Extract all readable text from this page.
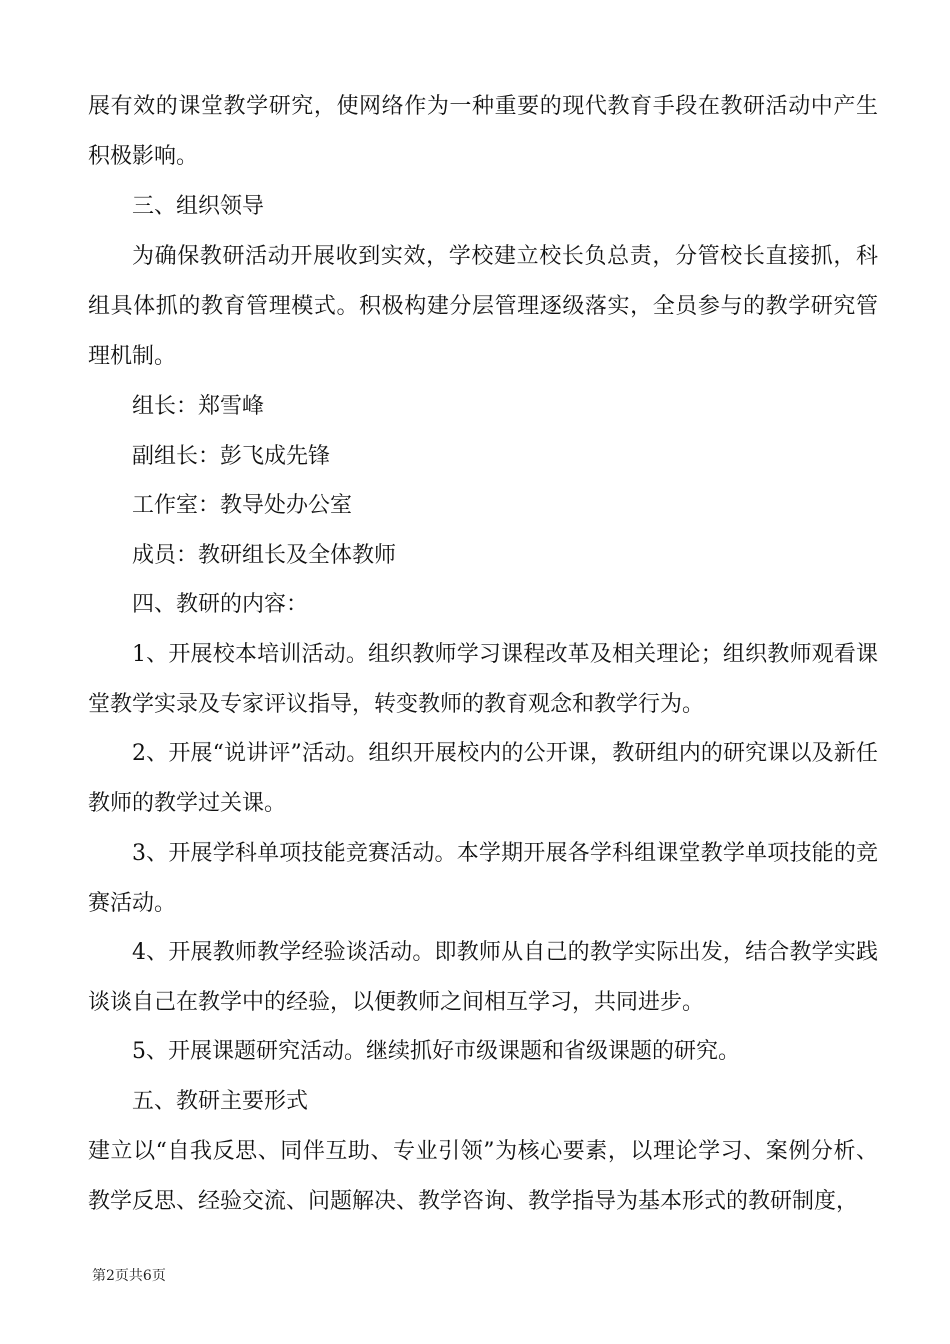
展有效的课堂教学研究，使网络作为一种重要的现代教育手段在教研活动中产生积极影响。

三、组织领导

为确保教研活动开展收到实效，学校建立校长负总责，分管校长直接抓，科组具体抓的教育管理模式。积极构建分层管理逐级落实，全员参与的教学研究管理机制。

组长：郑雪峰

副组长：彭飞成先锋

工作室：教导处办公室

成员：教研组长及全体教师

四、教研的内容：

1、开展校本培训活动。组织教师学习课程改革及相关理论；组织教师观看课堂教学实录及专家评议指导，转变教师的教育观念和教学行为。

2、开展“说讲评”活动。组织开展校内的公开课，教研组内的研究课以及新任教师的教学过关课。

3、开展学科单项技能竞赛活动。本学期开展各学科组课堂教学单项技能的竞赛活动。

4、开展教师教学经验谈活动。即教师从自己的教学实际出发，结合教学实践谈谈自己在教学中的经验，以便教师之间相互学习，共同进步。

5、开展课题研究活动。继续抓好市级课题和省级课题的研究。

五、教研主要形式

建立以“自我反思、同伴互助、专业引领”为核心要素，以理论学习、案例分析、教学反思、经验交流、问题解决、教学咨询、教学指导为基本形式的教研制度，

第2页共6页
